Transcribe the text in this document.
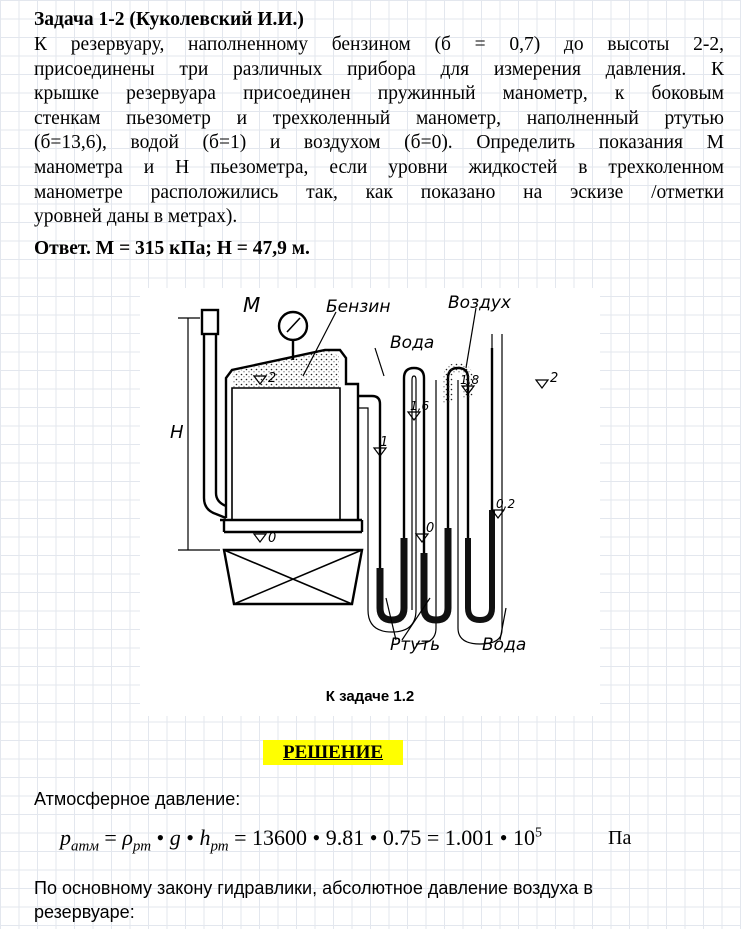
Задача 1-2 (Куколевский И.И.)
К резервуару, наполненному бензином (б = 0,7) до высоты 2-2,
присоединены три различных прибора для измерения давления. К
крышке резервуара присоединен пружинный манометр, к боковым
стенкам пьезометр и трехколенный манометр, наполненный ртутью
(б=13,6), водой (б=1) и воздухом (б=0). Определить показания M
манометра и H пьезометра, если уровни жидкостей в трехколенном
манометре расположились так, как показано на эскизе /отметки
уровней даны в метрах).
Ответ. M = 315 кПа; H = 47,9 м.
M	Бензин	Воздух
Вода
Ртуть Вода
H
2
0
1,6
1
0
1,8
0,2
2
К задаче 1.2
РЕШЕНИЕ
Атмосферное давление:
$p_{атм} = \rho_{рт}$ • g • $h_{рт} = 13600$ • 9.81 • 0.75 = 1.001 • $10^5$	Па
По основному закону гидравлики, абсолютное давление воздуха в
резервуаре:
